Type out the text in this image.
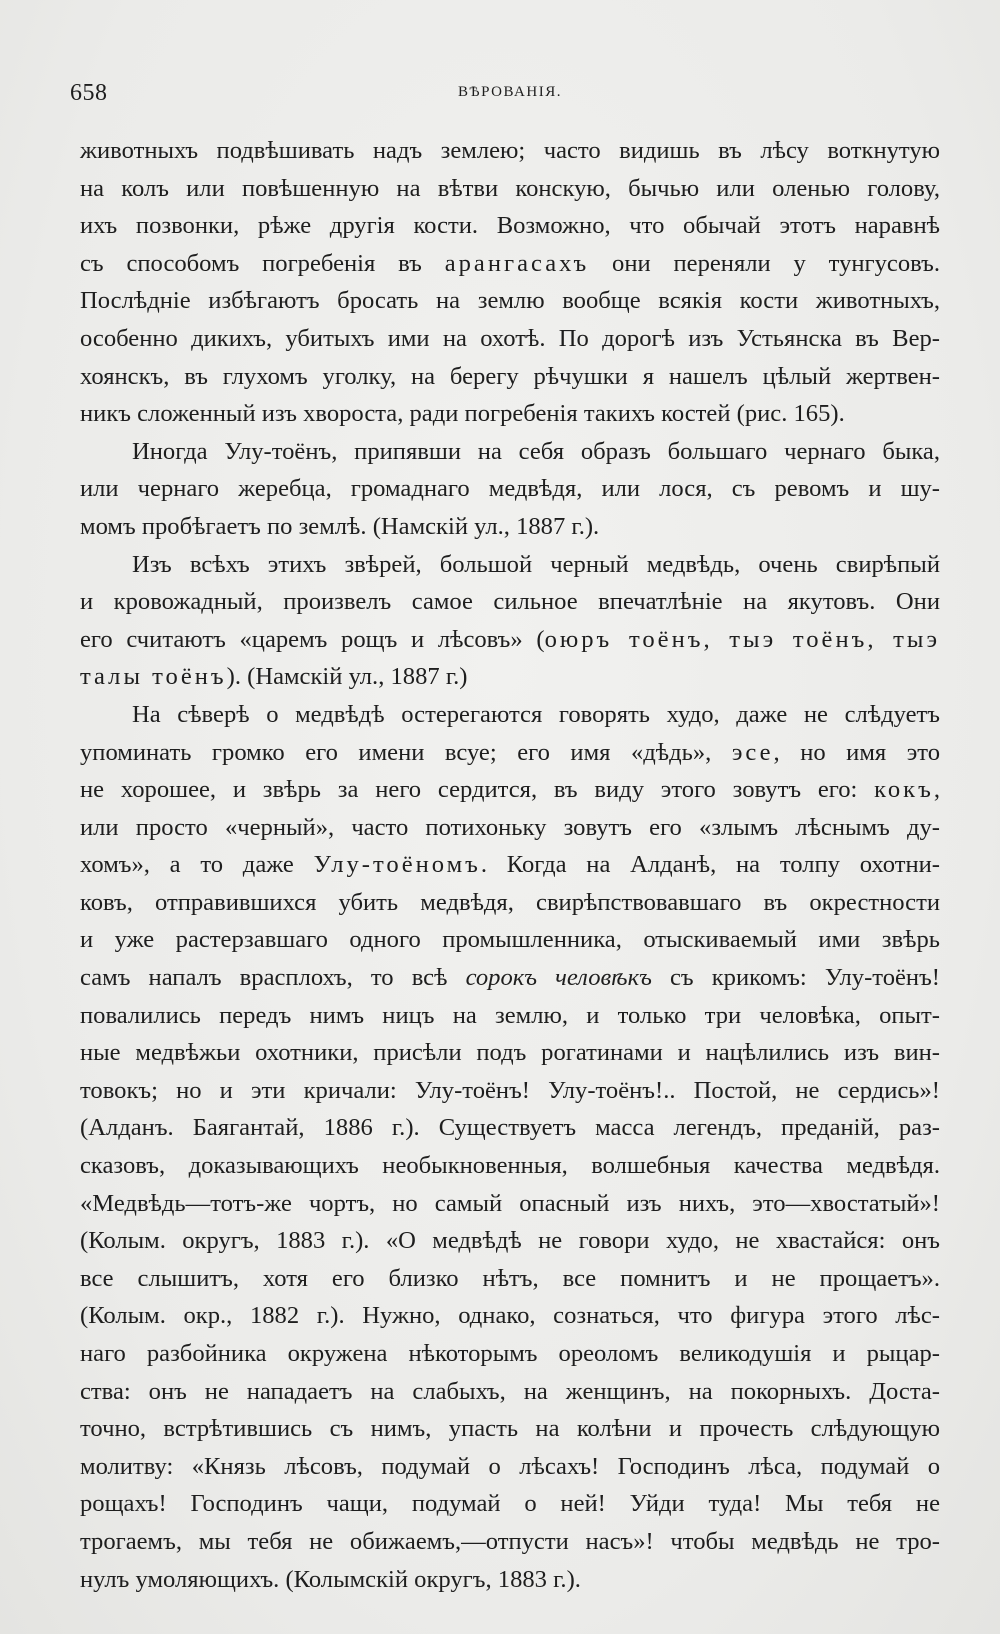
658	ВѢРОВАНІЯ.
животныхъ подвѣшивать надъ землею; часто видишь въ лѣсу воткнутую
на колъ или повѣшенную на вѣтви конскую, бычью или оленью голову,
ихъ позвонки, рѣже другія кости. Возможно, что обычай этотъ наравнѣ
съ способомъ погребенія въ арангасахъ они переняли у тунгусовъ.
Послѣдніе избѣгаютъ бросать на землю вообще всякія кости животныхъ,
особенно дикихъ, убитыхъ ими на охотѣ. По дорогѣ изъ Устьянска въ Вер-
хоянскъ, въ глухомъ уголку, на берегу рѣчушки я нашелъ цѣлый жертвен-
никъ сложенный изъ хвороста, ради погребенія такихъ костей (рис. 165).
Иногда Улу-тоёнъ, припявши на себя образъ большаго чернаго быка,
или чернаго жеребца, громаднаго медвѣдя, или лося, съ ревомъ и шу-
момъ пробѣгаетъ по землѣ. (Намскій ул., 1887 г.).
Изъ всѣхъ этихъ звѣрей, большой черный медвѣдь, очень свирѣпый
и кровожадный, произвелъ самое сильное впечатлѣніе на якутовъ. Они
его считаютъ «царемъ рощъ и лѣсовъ» (оюръ тоёнъ, тыэ тоёнъ, тыэ
талы тоёнъ). (Намскій ул., 1887 г.)
На сѣверѣ о медвѣдѣ остерегаются говорять худо, даже не слѣдуетъ
упоминать громко его имени всуе; его имя «дѣдь», эсе, но имя это
не хорошее, и звѣрь за него сердится, въ виду этого зовутъ его: кокъ,
или просто «черный», часто потихоньку зовутъ его «злымъ лѣснымъ ду-
хомъ», а то даже Улу-тоёномъ. Когда на Алданѣ, на толпу охотни-
ковъ, отправившихся убить медвѣдя, свирѣпствовавшаго въ окрестности
и уже растерзавшаго одного промышленника, отыскиваемый ими звѣрь
самъ напалъ врасплохъ, то всѣ сорокъ человѣкъ съ крикомъ: Улу-тоёнъ!
повалились передъ нимъ ницъ на землю, и только три человѣка, опыт-
ные медвѣжьи охотники, присѣли подъ рогатинами и нацѣлились изъ вин-
товокъ; но и эти кричали: Улу-тоёнъ! Улу-тоёнъ!.. Постой, не сердись»!
(Алданъ. Баягантай, 1886 г.). Существуетъ масса легендъ, преданій, раз-
сказовъ, доказывающихъ необыкновенныя, волшебныя качества медвѣдя.
«Медвѣдь—тотъ-же чортъ, но самый опасный изъ нихъ, это—хвостатый»!
(Колым. округъ, 1883 г.). «О медвѣдѣ не говори худо, не хвастайся: онъ
все слышитъ, хотя его близко нѣтъ, все помнитъ и не прощаетъ».
(Колым. окр., 1882 г.). Нужно, однако, сознаться, что фигура этого лѣс-
наго разбойника окружена нѣкоторымъ ореоломъ великодушія и рыцар-
ства: онъ не нападаетъ на слабыхъ, на женщинъ, на покорныхъ. Доста-
точно, встрѣтившись съ нимъ, упасть на колѣни и прочесть слѣдующую
молитву: «Князь лѣсовъ, подумай о лѣсахъ! Господинъ лѣса, подумай о
рощахъ! Господинъ чащи, подумай о ней! Уйди туда! Мы тебя не
трогаемъ, мы тебя не обижаемъ,—отпусти насъ»! чтобы медвѣдь не тро-
нулъ умоляющихъ. (Колымскій округъ, 1883 г.).
